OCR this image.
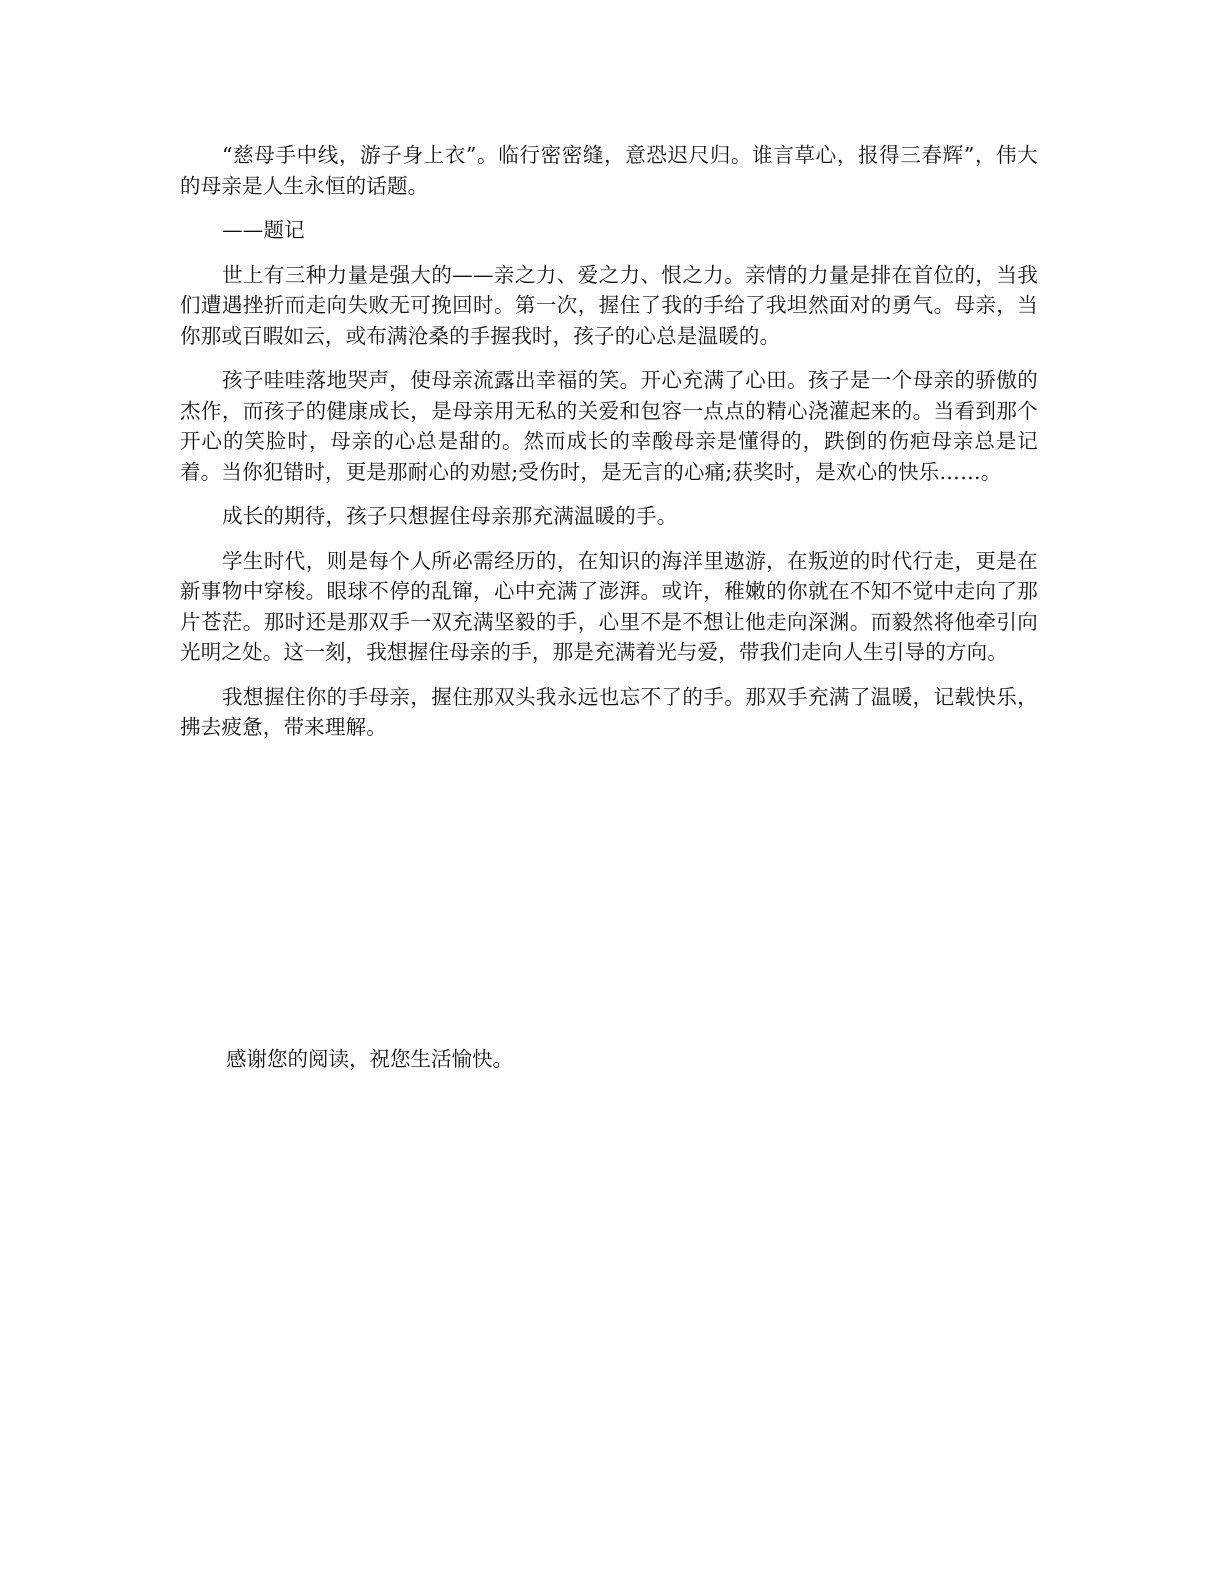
“慈母手中线，游子身上衣”。临行密密缝，意恐迟尺归。谁言草心，报得三春辉”，伟大的母亲是人生永恒的话题。

——题记

世上有三种力量是强大的——亲之力、爱之力、恨之力。亲情的力量是排在首位的，当我们遭遇挫折而走向失败无可挽回时。第一次，握住了我的手给了我坦然面对的勇气。母亲，当你那或百暇如云，或布满沧桑的手握我时，孩子的心总是温暖的。

孩子哇哇落地哭声，使母亲流露出幸福的笑。开心充满了心田。孩子是一个母亲的骄傲的杰作，而孩子的健康成长，是母亲用无私的关爱和包容一点点的精心浇灌起来的。当看到那个开心的笑脸时，母亲的心总是甜的。然而成长的幸酸母亲是懂得的，跌倒的伤疤母亲总是记着。当你犯错时，更是那耐心的劝慰;受伤时，是无言的心痛;获奖时，是欢心的快乐……。

成长的期待，孩子只想握住母亲那充满温暖的手。

学生时代，则是每个人所必需经历的，在知识的海洋里遨游，在叛逆的时代行走，更是在新事物中穿梭。眼球不停的乱镩，心中充满了澎湃。或许，稚嫩的你就在不知不觉中走向了那片苍茫。那时还是那双手一双充满坚毅的手，心里不是不想让他走向深渊。而毅然将他牵引向光明之处。这一刻，我想握住母亲的手，那是充满着光与爱，带我们走向人生引导的方向。

我想握住你的手母亲，握住那双头我永远也忘不了的手。那双手充满了温暖，记载快乐，拂去疲惫，带来理解。

感谢您的阅读，祝您生活愉快。
